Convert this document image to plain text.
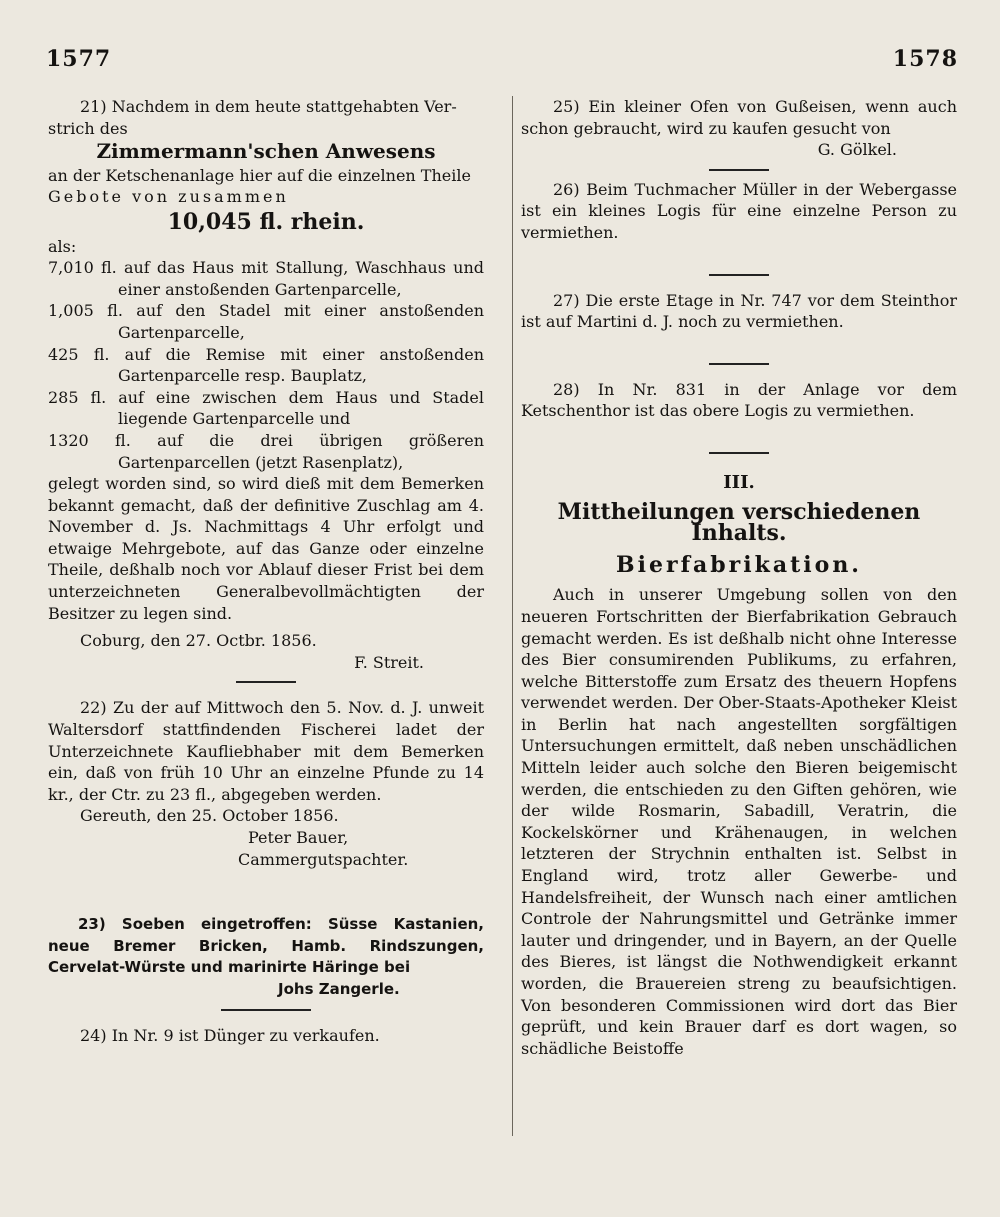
1577	1578

21) Nachdem in dem heute stattgehabten Ver-

strich des

Zimmermann'schen Anwesens

an der Ketschenanlage hier auf die einzelnen Theile

Gebote von zusammen

10,045 fl. rhein.

als:

7,010 fl. auf das Haus mit Stallung, Waschhaus und einer anstoßenden Gartenparcelle,

1,005 fl. auf den Stadel mit einer anstoßenden Gartenparcelle,

425 fl. auf die Remise mit einer anstoßenden Gartenparcelle resp. Bauplatz,

285 fl. auf eine zwischen dem Haus und Stadel liegende Gartenparcelle und

1320 fl. auf die drei übrigen größeren Gartenparcellen (jetzt Rasenplatz),

gelegt worden sind, so wird dieß mit dem Bemerken bekannt gemacht, daß der definitive Zuschlag am 4. November d. Js. Nachmittags 4 Uhr erfolgt und etwaige Mehrgebote, auf das Ganze oder einzelne Theile, deßhalb noch vor Ablauf dieser Frist bei dem unterzeichneten Generalbevollmächtigten der Besitzer zu legen sind.

Coburg, den 27. Octbr. 1856.

F. Streit.

22) Zu der auf Mittwoch den 5. Nov. d. J. unweit Waltersdorf stattfindenden Fischerei ladet der Unterzeichnete Kaufliebhaber mit dem Bemerken ein, daß von früh 10 Uhr an einzelne Pfunde zu 14 kr., der Ctr. zu 23 fl., abgegeben werden.

Gereuth, den 25. October 1856.

Peter Bauer,

Cammergutspachter.

23) Soeben eingetroffen: Süsse Kastanien, neue Bremer Bricken, Hamb. Rindszungen, Cervelat-Würste und marinirte Häringe bei

Johs Zangerle.

24) In Nr. 9 ist Dünger zu verkaufen.

25) Ein kleiner Ofen von Gußeisen, wenn auch schon gebraucht, wird zu kaufen gesucht von

G. Gölkel.

26) Beim Tuchmacher Müller in der Webergasse ist ein kleines Logis für eine einzelne Person zu vermiethen.

27) Die erste Etage in Nr. 747 vor dem Steinthor ist auf Martini d. J. noch zu vermiethen.

28) In Nr. 831 in der Anlage vor dem Ketschenthor ist das obere Logis zu vermiethen.

III.

Mittheilungen verschiedenen Inhalts.

Bierfabrikation.

Auch in unserer Umgebung sollen von den neueren Fortschritten der Bierfabrikation Gebrauch gemacht werden. Es ist deßhalb nicht ohne Interesse des Bier consumirenden Publikums, zu erfahren, welche Bitterstoffe zum Ersatz des theuern Hopfens verwendet werden. Der Ober-Staats-Apotheker Kleist in Berlin hat nach angestellten sorgfältigen Untersuchungen ermittelt, daß neben unschädlichen Mitteln leider auch solche den Bieren beigemischt werden, die entschieden zu den Giften gehören, wie der wilde Rosmarin, Sabadill, Veratrin, die Kockelskörner und Krähenaugen, in welchen letzteren der Strychnin enthalten ist. Selbst in England wird, trotz aller Gewerbe- und Handelsfreiheit, der Wunsch nach einer amtlichen Controle der Nahrungsmittel und Getränke immer lauter und dringender, und in Bayern, an der Quelle des Bieres, ist längst die Nothwendigkeit erkannt worden, die Brauereien streng zu beaufsichtigen. Von besonderen Commissionen wird dort das Bier geprüft, und kein Brauer darf es dort wagen, so schädliche Beistoffe
